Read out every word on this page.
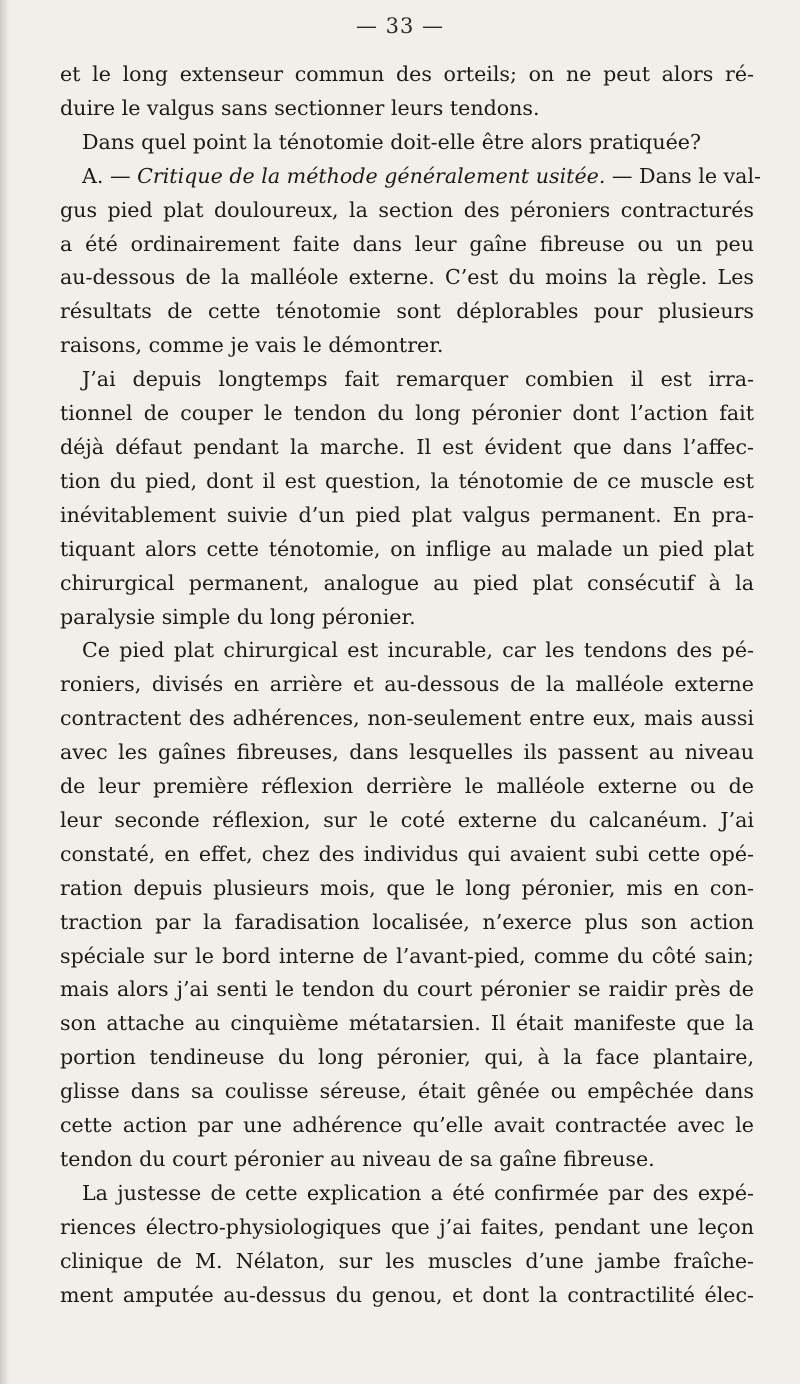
— 33 —
et le long extenseur commun des orteils; on ne peut alors ré-
duire le valgus sans sectionner leurs tendons.
Dans quel point la ténotomie doit-elle être alors pratiquée?
A. — Critique de la méthode généralement usitée. — Dans le val-
gus pied plat douloureux, la section des péroniers contracturés
a été ordinairement faite dans leur gaîne fibreuse ou un peu
au-dessous de la malléole externe. C’est du moins la règle. Les
résultats de cette ténotomie sont déplorables pour plusieurs
raisons, comme je vais le démontrer.
J’ai depuis longtemps fait remarquer combien il est irra-
tionnel de couper le tendon du long péronier dont l’action fait
déjà défaut pendant la marche. Il est évident que dans l’affec-
tion du pied, dont il est question, la ténotomie de ce muscle est
inévitablement suivie d’un pied plat valgus permanent. En pra-
tiquant alors cette ténotomie, on inflige au malade un pied plat
chirurgical permanent, analogue au pied plat consécutif à la
paralysie simple du long péronier.
Ce pied plat chirurgical est incurable, car les tendons des pé-
roniers, divisés en arrière et au-dessous de la malléole externe
contractent des adhérences, non-seulement entre eux, mais aussi
avec les gaînes fibreuses, dans lesquelles ils passent au niveau
de leur première réflexion derrière le malléole externe ou de
leur seconde réflexion, sur le coté externe du calcanéum. J’ai
constaté, en effet, chez des individus qui avaient subi cette opé-
ration depuis plusieurs mois, que le long péronier, mis en con-
traction par la faradisation localisée, n’exerce plus son action
spéciale sur le bord interne de l’avant-pied, comme du côté sain;
mais alors j’ai senti le tendon du court péronier se raidir près de
son attache au cinquième métatarsien. Il était manifeste que la
portion tendineuse du long péronier, qui, à la face plantaire,
glisse dans sa coulisse séreuse, était gênée ou empêchée dans
cette action par une adhérence qu’elle avait contractée avec le
tendon du court péronier au niveau de sa gaîne fibreuse.
La justesse de cette explication a été confirmée par des expé-
riences électro-physiologiques que j’ai faites, pendant une leçon
clinique de M. Nélaton, sur les muscles d’une jambe fraîche-
ment amputée au-dessus du genou, et dont la contractilité élec-
